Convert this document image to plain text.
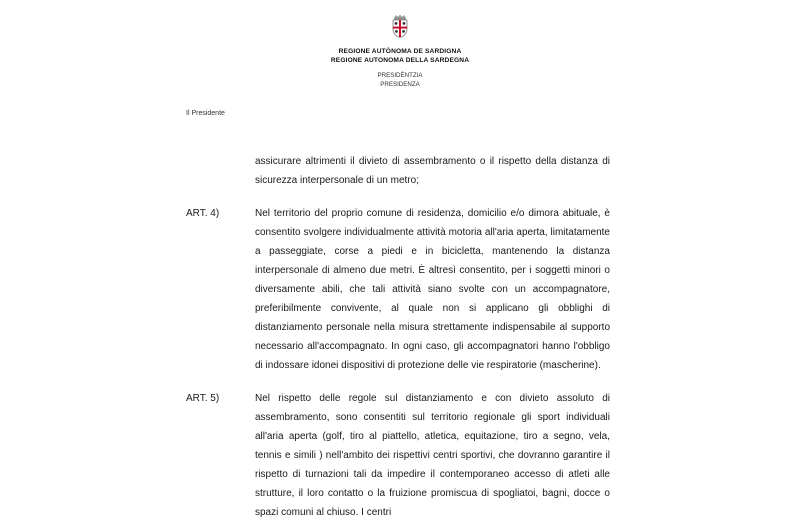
REGIONE AUTÒNOMA DE SARDIGNA

REGIONE AUTONOMA DELLA SARDEGNA

PRESIDÈNTZIA

PRESIDENZA

Il Presidente
assicurare altrimenti il divieto di assembramento o il rispetto della distanza di sicurezza interpersonale di un metro;
ART. 4)	Nel territorio del proprio comune di residenza, domicilio e/o dimora abituale, è consentito svolgere individualmente attività motoria all'aria aperta, limitatamente a passeggiate, corse a piedi e in bicicletta, mantenendo la distanza interpersonale di almeno due metri. È altresì consentito, per i soggetti minori o diversamente abili, che tali attività siano svolte con un accompagnatore, preferibilmente convivente, al quale non si applicano gli obblighi di distanziamento personale nella misura strettamente indispensabile al supporto necessario all'accompagnato. In ogni caso, gli accompagnatori hanno l'obbligo di indossare idonei dispositivi di protezione delle vie respiratorie (mascherine).
ART. 5)	Nel rispetto delle regole sul distanziamento e con divieto assoluto di assembramento, sono consentiti sul territorio regionale gli sport individuali all'aria aperta (golf, tiro al piattello, atletica, equitazione, tiro a segno, vela, tennis e simili ) nell'ambito dei rispettivi centri sportivi, che dovranno garantire il rispetto di turnazioni tali da impedire il contemporaneo accesso di atleti alle strutture, il loro contatto o la fruizione promiscua di spogliatoi, bagni, docce o spazi comuni al chiuso. I centri
